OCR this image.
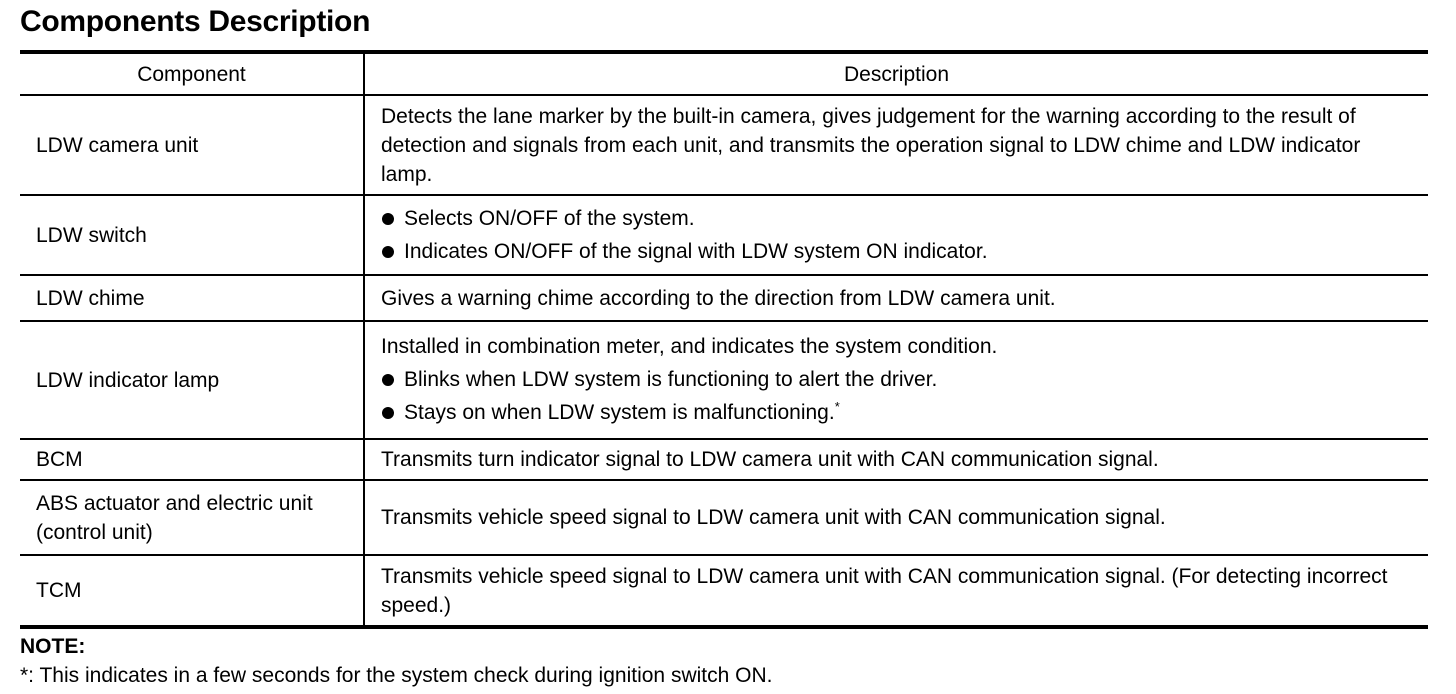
Components Description
Component	Description

LDW camera unit	Detects the lane marker by the built-in camera, gives judgement for the warning according to the result of detection and signals from each unit, and transmits the operation signal to LDW chime and LDW indicator lamp.

LDW switch	Selects ON/OFF of the system.
Indicates ON/OFF of the signal with LDW system ON indicator.

LDW chime	Gives a warning chime according to the direction from LDW camera unit.

LDW indicator lamp	Installed in combination meter, and indicates the system condition.
Blinks when LDW system is functioning to alert the driver.
Stays on when LDW system is malfunctioning.*

BCM	Transmits turn indicator signal to LDW camera unit with CAN communication signal.

ABS actuator and electric unit
(control unit)	Transmits vehicle speed signal to LDW camera unit with CAN communication signal.

TCM	Transmits vehicle speed signal to LDW camera unit with CAN communication signal. (For detecting incorrect speed.)
NOTE:
*: This indicates in a few seconds for the system check during ignition switch ON.
